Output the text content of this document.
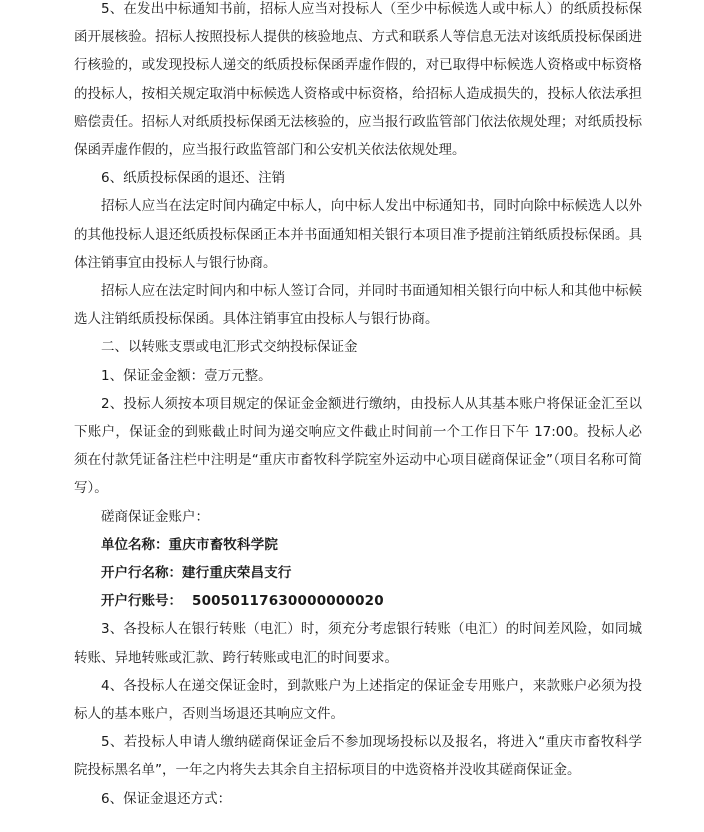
5、在发出中标通知书前，招标人应当对投标人（至少中标候选人或中标人）的纸质投标保函开展核验。招标人按照投标人提供的核验地点、方式和联系人等信息无法对该纸质投标保函进行核验的，或发现投标人递交的纸质投标保函弄虚作假的，对已取得中标候选人资格或中标资格的投标人，按相关规定取消中标候选人资格或中标资格，给招标人造成损失的，投标人依法承担赔偿责任。招标人对纸质投标保函无法核验的，应当报行政监管部门依法依规处理；对纸质投标保函弄虚作假的，应当报行政监管部门和公安机关依法依规处理。

6、纸质投标保函的退还、注销

招标人应当在法定时间内确定中标人，向中标人发出中标通知书，同时向除中标候选人以外的其他投标人退还纸质投标保函正本并书面通知相关银行本项目准予提前注销纸质投标保函。具体注销事宜由投标人与银行协商。

招标人应在法定时间内和中标人签订合同，并同时书面通知相关银行向中标人和其他中标候选人注销纸质投标保函。具体注销事宜由投标人与银行协商。

二、以转账支票或电汇形式交纳投标保证金

1、保证金金额：壹万元整。

2、投标人须按本项目规定的保证金金额进行缴纳，由投标人从其基本账户将保证金汇至以下账户，保证金的到账截止时间为递交响应文件截止时间前一个工作日下午 17:00。投标人必须在付款凭证备注栏中注明是“重庆市畜牧科学院室外运动中心项目磋商保证金”（项目名称可简写）。

磋商保证金账户：

单位名称：重庆市畜牧科学院

开户行名称：建行重庆荣昌支行

开户行账号： 50050117630000000020

3、各投标人在银行转账（电汇）时，须充分考虑银行转账（电汇）的时间差风险，如同城转账、异地转账或汇款、跨行转账或电汇的时间要求。

4、各投标人在递交保证金时，到款账户为上述指定的保证金专用账户，来款账户必须为投标人的基本账户，否则当场退还其响应文件。

5、若投标人申请人缴纳磋商保证金后不参加现场投标以及报名，将进入“重庆市畜牧科学院投标黑名单”，一年之内将失去其余自主招标项目的中选资格并没收其磋商保证金。

6、保证金退还方式：
